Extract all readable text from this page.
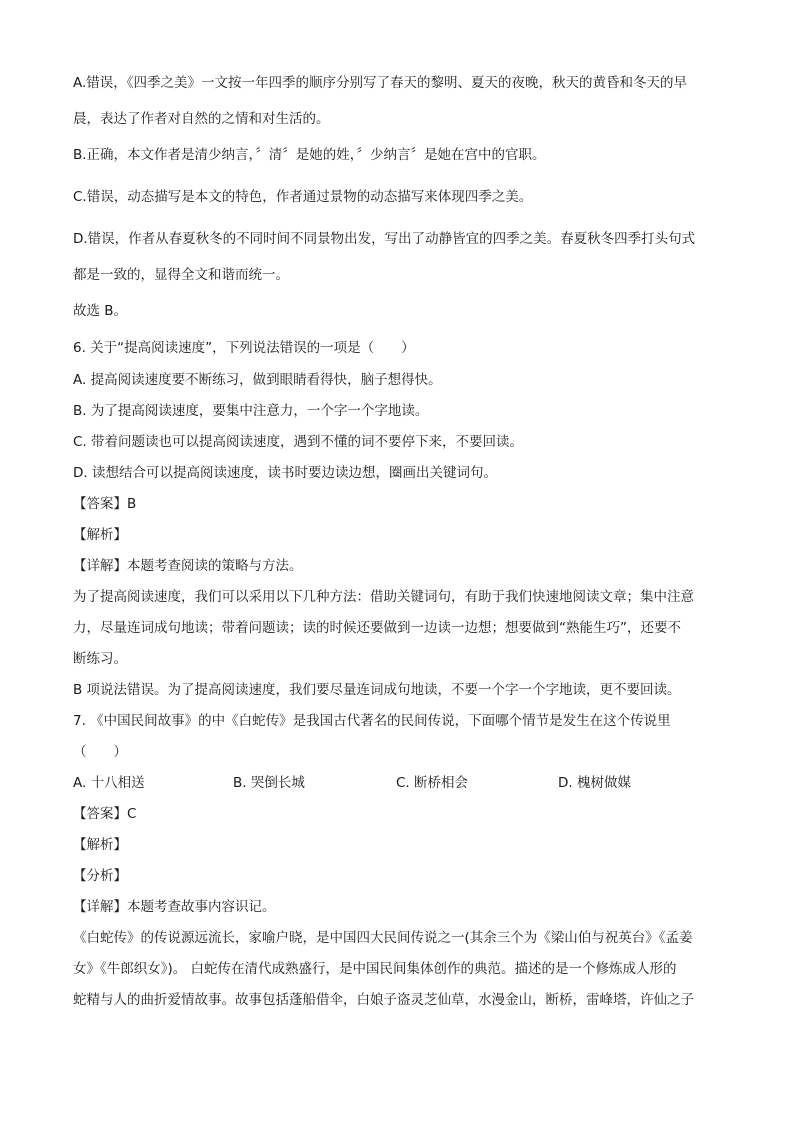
A.错误，《四季之美》一文按一年四季的顺序分别写了春天的黎明、夏天的夜晚，秋天的黄昏和冬天的早
晨，表达了作者对自然的之情和对生活的。
B.正确，本文作者是清少纳言，〞清〞是她的姓，〞少纳言〞是她在宫中的官职。
C.错误，动态描写是本文的特色，作者通过景物的动态描写来体现四季之美。
D.错误，作者从春夏秋冬的不同时间不同景物出发，写出了动静皆宜的四季之美。春夏秋冬四季打头句式
都是一致的，显得全文和谐而统一。
故选 B。
6. 关于“提高阅读速度”，下列说法错误的一项是（　　）
A. 提高阅读速度要不断练习，做到眼睛看得快，脑子想得快。
B. 为了提高阅读速度，要集中注意力，一个字一个字地读。
C. 带着问题读也可以提高阅读速度，遇到不懂的词不要停下来，不要回读。
D. 读想结合可以提高阅读速度，读书时要边读边想，圈画出关键词句。
【答案】B
【解析】
【详解】本题考查阅读的策略与方法。
为了提高阅读速度，我们可以采用以下几种方法：借助关键词句，有助于我们快速地阅读文章；集中注意
力，尽量连词成句地读；带着问题读；读的时候还要做到一边读一边想；想要做到“熟能生巧”，还要不
断练习。
B 项说法错误。为了提高阅读速度，我们要尽量连词成句地读，不要一个字一个字地读，更不要回读。
7. 《中国民间故事》的中《白蛇传》是我国古代著名的民间传说，下面哪个情节是发生在这个传说里
（　　）
A. 十八相送	B. 哭倒长城	C. 断桥相会	D. 槐树做媒
【答案】C
【解析】
【分析】
【详解】本题考查故事内容识记。
《白蛇传》的传说源远流长，家喻户晓，是中国四大民间传说之一(其余三个为《梁山伯与祝英台》《孟姜
女》《牛郎织女》)。 白蛇传在清代成熟盛行，是中国民间集体创作的典范。描述的是一个修炼成人形的
蛇精与人的曲折爱情故事。故事包括蓬船借伞，白娘子盗灵芝仙草，水漫金山，断桥，雷峰塔，许仙之子
